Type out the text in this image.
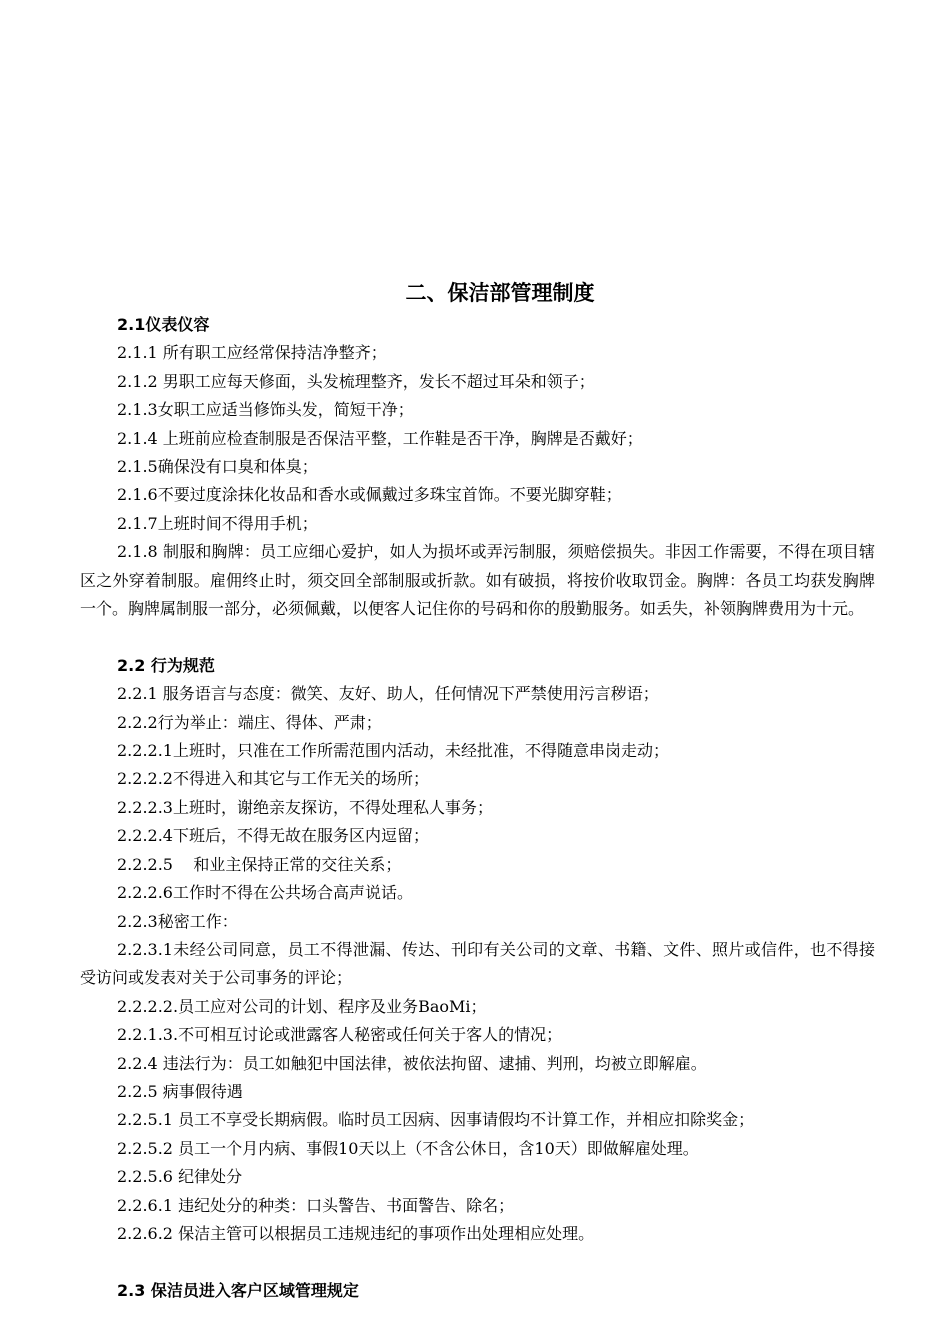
二、保洁部管理制度

2.1仪表仪容

2.1.1 所有职工应经常保持洁净整齐；

2.1.2 男职工应每天修面，头发梳理整齐，发长不超过耳朵和领子；

2.1.3女职工应适当修饰头发，简短干净；

2.1.4 上班前应检查制服是否保洁平整，工作鞋是否干净，胸牌是否戴好；

2.1.5确保没有口臭和体臭；

2.1.6不要过度涂抹化妆品和香水或佩戴过多珠宝首饰。不要光脚穿鞋；

2.1.7上班时间不得用手机；

2.1.8 制服和胸牌：员工应细心爱护，如人为损坏或弄污制服，须赔偿损失。非因工作需要，不得在项目辖区之外穿着制服。雇佣终止时，须交回全部制服或折款。如有破损，将按价收取罚金。胸牌：各员工均获发胸牌一个。胸牌属制服一部分，必须佩戴，以便客人记住你的号码和你的殷勤服务。如丢失，补领胸牌费用为十元。

2.2 行为规范

2.2.1 服务语言与态度：微笑、友好、助人，任何情况下严禁使用污言秽语；

2.2.2行为举止：端庄、得体、严肃；

2.2.2.1上班时，只准在工作所需范围内活动，未经批准，不得随意串岗走动；

2.2.2.2不得进入和其它与工作无关的场所；

2.2.2.3上班时，谢绝亲友探访，不得处理私人事务；

2.2.2.4下班后，不得无故在服务区内逗留；

2.2.2.5    和业主保持正常的交往关系；

2.2.2.6工作时不得在公共场合高声说话。

2.2.3秘密工作：

2.2.3.1未经公司同意，员工不得泄漏、传达、刊印有关公司的文章、书籍、文件、照片或信件，也不得接受访问或发表对关于公司事务的评论；

2.2.2.2.员工应对公司的计划、程序及业务BaoMi；

2.2.1.3.不可相互讨论或泄露客人秘密或任何关于客人的情况；

2.2.4 违法行为：员工如触犯中国法律，被依法拘留、逮捕、判刑，均被立即解雇。

2.2.5 病事假待遇

2.2.5.1 员工不享受长期病假。临时员工因病、因事请假均不计算工作，并相应扣除奖金；

2.2.5.2 员工一个月内病、事假10天以上（不含公休日，含10天）即做解雇处理。

2.2.5.6 纪律处分

2.2.6.1 违纪处分的种类：口头警告、书面警告、除名；

2.2.6.2 保洁主管可以根据员工违规违纪的事项作出处理相应处理。

2.3 保洁员进入客户区域管理规定
